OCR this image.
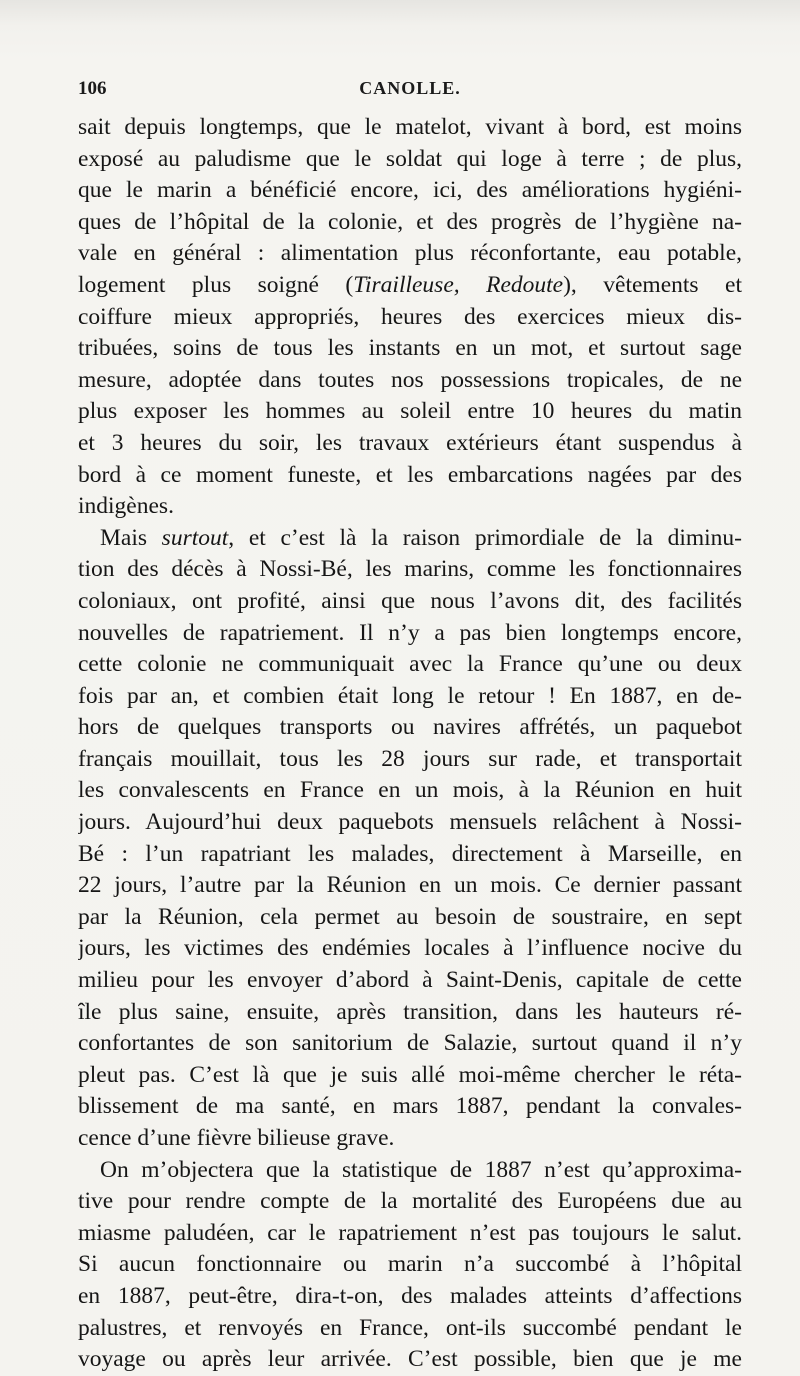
106	CANOLLE.
sait depuis longtemps, que le matelot, vivant à bord, est moins
exposé au paludisme que le soldat qui loge à terre ; de plus,
que le marin a bénéficié encore, ici, des améliorations hygiéni-
ques de l’hôpital de la colonie, et des progrès de l’hygiène na-
vale en général : alimentation plus réconfortante, eau potable,
logement plus soigné (Tirailleuse, Redoute), vêtements et
coiffure mieux appropriés, heures des exercices mieux dis-
tribuées, soins de tous les instants en un mot, et surtout sage
mesure, adoptée dans toutes nos possessions tropicales, de ne
plus exposer les hommes au soleil entre 10 heures du matin
et 3 heures du soir, les travaux extérieurs étant suspendus à
bord à ce moment funeste, et les embarcations nagées par des
indigènes.
Mais surtout, et c’est là la raison primordiale de la diminu-
tion des décès à Nossi-Bé, les marins, comme les fonctionnaires
coloniaux, ont profité, ainsi que nous l’avons dit, des facilités
nouvelles de rapatriement. Il n’y a pas bien longtemps encore,
cette colonie ne communiquait avec la France qu’une ou deux
fois par an, et combien était long le retour ! En 1887, en de-
hors de quelques transports ou navires affrétés, un paquebot
français mouillait, tous les 28 jours sur rade, et transportait
les convalescents en France en un mois, à la Réunion en huit
jours. Aujourd’hui deux paquebots mensuels relâchent à Nossi-
Bé : l’un rapatriant les malades, directement à Marseille, en
22 jours, l’autre par la Réunion en un mois. Ce dernier passant
par la Réunion, cela permet au besoin de soustraire, en sept
jours, les victimes des endémies locales à l’influence nocive du
milieu pour les envoyer d’abord à Saint-Denis, capitale de cette
île plus saine, ensuite, après transition, dans les hauteurs ré-
confortantes de son sanitorium de Salazie, surtout quand il n’y
pleut pas. C’est là que je suis allé moi-même chercher le réta-
blissement de ma santé, en mars 1887, pendant la convales-
cence d’une fièvre bilieuse grave.
On m’objectera que la statistique de 1887 n’est qu’approxima-
tive pour rendre compte de la mortalité des Européens due au
miasme paludéen, car le rapatriement n’est pas toujours le salut.
Si aucun fonctionnaire ou marin n’a succombé à l’hôpital
en 1887, peut-être, dira-t-on, des malades atteints d’affections
palustres, et renvoyés en France, ont-ils succombé pendant le
voyage ou après leur arrivée. C’est possible, bien que je me
